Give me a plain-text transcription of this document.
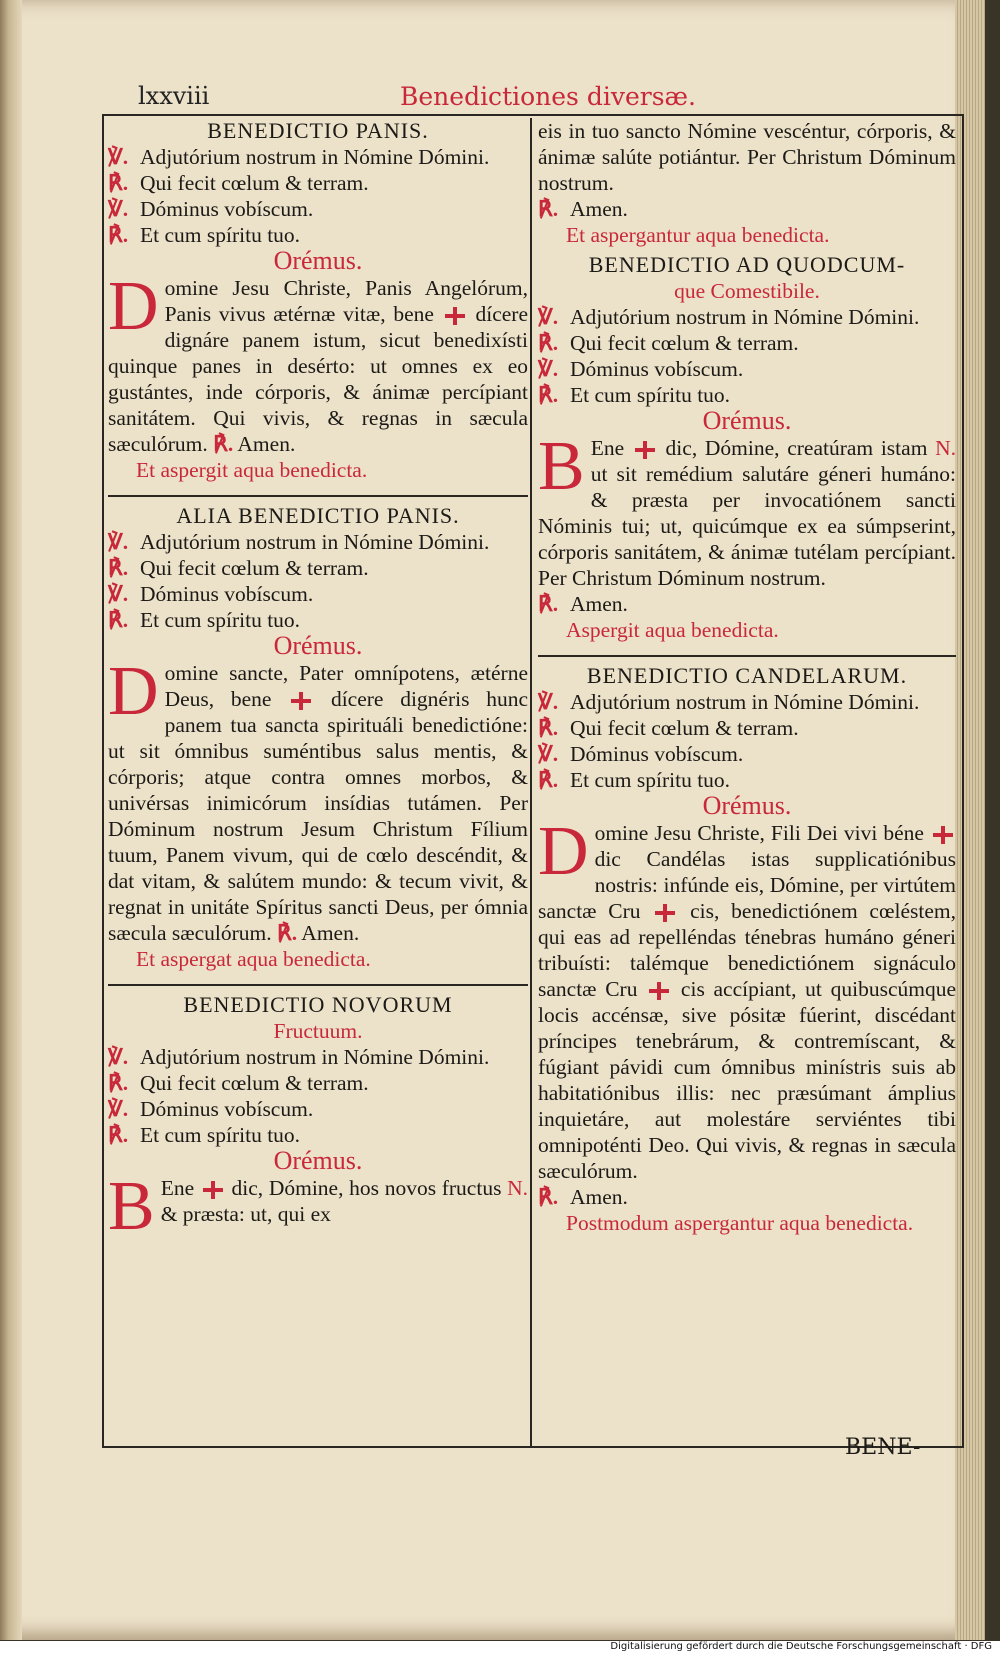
lxxviii	Benedictiones diversæ.
BENEDICTIO PANIS.
℣. Adjutórium nostrum in Nómine Dómini.
℟. Qui fecit cœlum & terram.
℣. Dóminus vobíscum.
℟. Et cum spíritu tuo.
Orémus.
D omine Jesu Christe, Panis Angelórum, Panis vivus ætérnæ vitæ, bene dícere dignáre panem istum, sicut benedixísti quinque panes in desérto: ut omnes ex eo gustántes, inde córporis, & ánimæ percípiant sanitátem. Qui vivis, & regnas in sæcula sæculórum. ℟. Amen.
Et aspergit aqua benedicta.
ALIA BENEDICTIO PANIS.
℣. Adjutórium nostrum in Nómine Dómini.
℟. Qui fecit cœlum & terram.
℣. Dóminus vobíscum.
℟. Et cum spíritu tuo.
Orémus.
D omine sancte, Pater omnípotens, ætérne Deus, bene	dícere dignéris hunc panem tua sancta spirituáli benedictióne: ut sit ómnibus suméntibus salus mentis, & córporis; atque contra omnes morbos, & univérsas inimicórum insídias tutámen. Per Dóminum nostrum Jesum Christum Fílium tuum, Panem vivum, qui de cœlo descéndit, & dat vitam, & salútem mundo: & tecum vivit, & regnat in unitáte Spíritus sancti Deus, per ómnia sæcula sæculórum. ℟. Amen.
Et aspergat aqua benedicta.
BENEDICTIO NOVORUM
Fructuum.
℣. Adjutórium nostrum in Nómine Dómini.
℟. Qui fecit cœlum & terram.
℣. Dóminus vobíscum.
℟. Et cum spíritu tuo.
Orémus.
B Ene dic, Dómine, hos novos fructus N. & præsta: ut, qui ex
eis in tuo sancto Nómine vescéntur, córporis, & ánimæ salúte potiántur. Per Christum Dóminum nostrum.
℟. Amen.
Et aspergantur aqua benedicta.
BENEDICTIO AD QUODCUM-
que Comestibile.
℣. Adjutórium nostrum in Nómine Dómini.
℟. Qui fecit cœlum & terram.
℣. Dóminus vobíscum.
℟. Et cum spíritu tuo.
Orémus.
B Ene dic, Dómine, creatúram istam N. ut sit remédium salutáre géneri humáno: & præsta per invocatiónem sancti Nóminis tui; ut, quicúmque ex ea súmpserint, córporis sanitátem, & ánimæ tutélam percípiant. Per Christum Dóminum nostrum.
℟. Amen.
Aspergit aqua benedicta.
BENEDICTIO CANDELARUM.
℣. Adjutórium nostrum in Nómine Dómini.
℟. Qui fecit cœlum & terram.
℣. Dóminus vobíscum.
℟. Et cum spíritu tuo.
Orémus.
D omine Jesu Christe, Fili Dei vivi béne  dic Candélas istas supplicatiónibus nostris: infúnde eis, Dómine, per virtútem sanctæ Cru cis, benedictiónem cœléstem, qui eas ad repelléndas ténebras humáno géneri tribuísti: talémque benedictiónem signáculo sanctæ Cru cis accípiant, ut quibuscúmque locis accénsæ, sive pósitæ fúerint, discédant príncipes tenebrárum, & contremíscant, & fúgiant pávidi cum ómnibus minístris suis ab habitatiónibus illis: nec præsúmant ámplius inquietáre, aut molestáre serviéntes tibi omnipoténti Deo. Qui vivis, & regnas in sæcula sæculórum.
℟. Amen.
Postmodum aspergantur aqua benedicta.
BENE-
Digitalisierung gefördert durch die Deutsche Forschungsgemeinschaft · DFG
